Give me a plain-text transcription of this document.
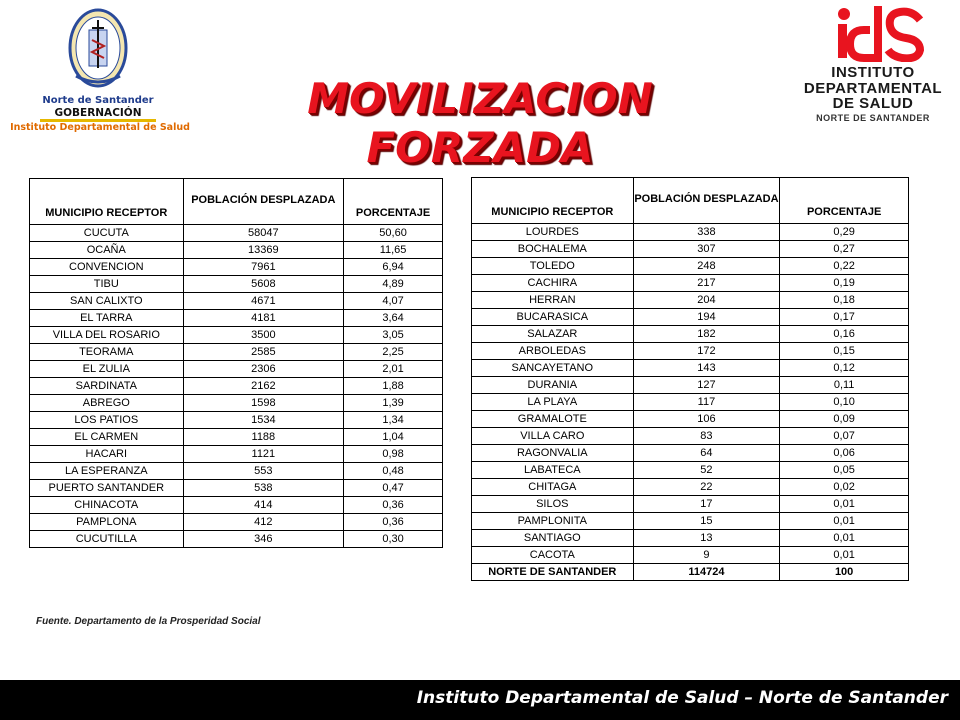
Norte de Santander
GOBERNACIÓN
Instituto Departamental de Salud
MOVILIZACION FORZADA
INSTITUTO
DEPARTAMENTAL
DE SALUD
NORTE DE SANTANDER
MUNICIPIO RECEPTOR	POBLACIÓN DESPLAZADA	PORCENTAJE
CUCUTA	58047	50,60
OCAÑA	13369	11,65
CONVENCION	7961	6,94
TIBU	5608	4,89
SAN CALIXTO	4671	4,07
EL TARRA	4181	3,64
VILLA DEL ROSARIO	3500	3,05
TEORAMA	2585	2,25
EL ZULIA	2306	2,01
SARDINATA	2162	1,88
ABREGO	1598	1,39
LOS PATIOS	1534	1,34
EL CARMEN	1188	1,04
HACARI	1121	0,98
LA ESPERANZA	553	0,48
PUERTO SANTANDER	538	0,47
CHINACOTA	414	0,36
PAMPLONA	412	0,36
CUCUTILLA	346	0,30
MUNICIPIO RECEPTOR	POBLACIÓN DESPLAZADA	PORCENTAJE
LOURDES	338	0,29
BOCHALEMA	307	0,27
TOLEDO	248	0,22
CACHIRA	217	0,19
HERRAN	204	0,18
BUCARASICA	194	0,17
SALAZAR	182	0,16
ARBOLEDAS	172	0,15
SANCAYETANO	143	0,12
DURANIA	127	0,11
LA PLAYA	117	0,10
GRAMALOTE	106	0,09
VILLA CARO	83	0,07
RAGONVALIA	64	0,06
LABATECA	52	0,05
CHITAGA	22	0,02
SILOS	17	0,01
PAMPLONITA	15	0,01
SANTIAGO	13	0,01
CACOTA	9	0,01
NORTE DE SANTANDER	114724	100
Fuente. Departamento de la Prosperidad Social
Instituto Departamental de Salud – Norte de Santander
